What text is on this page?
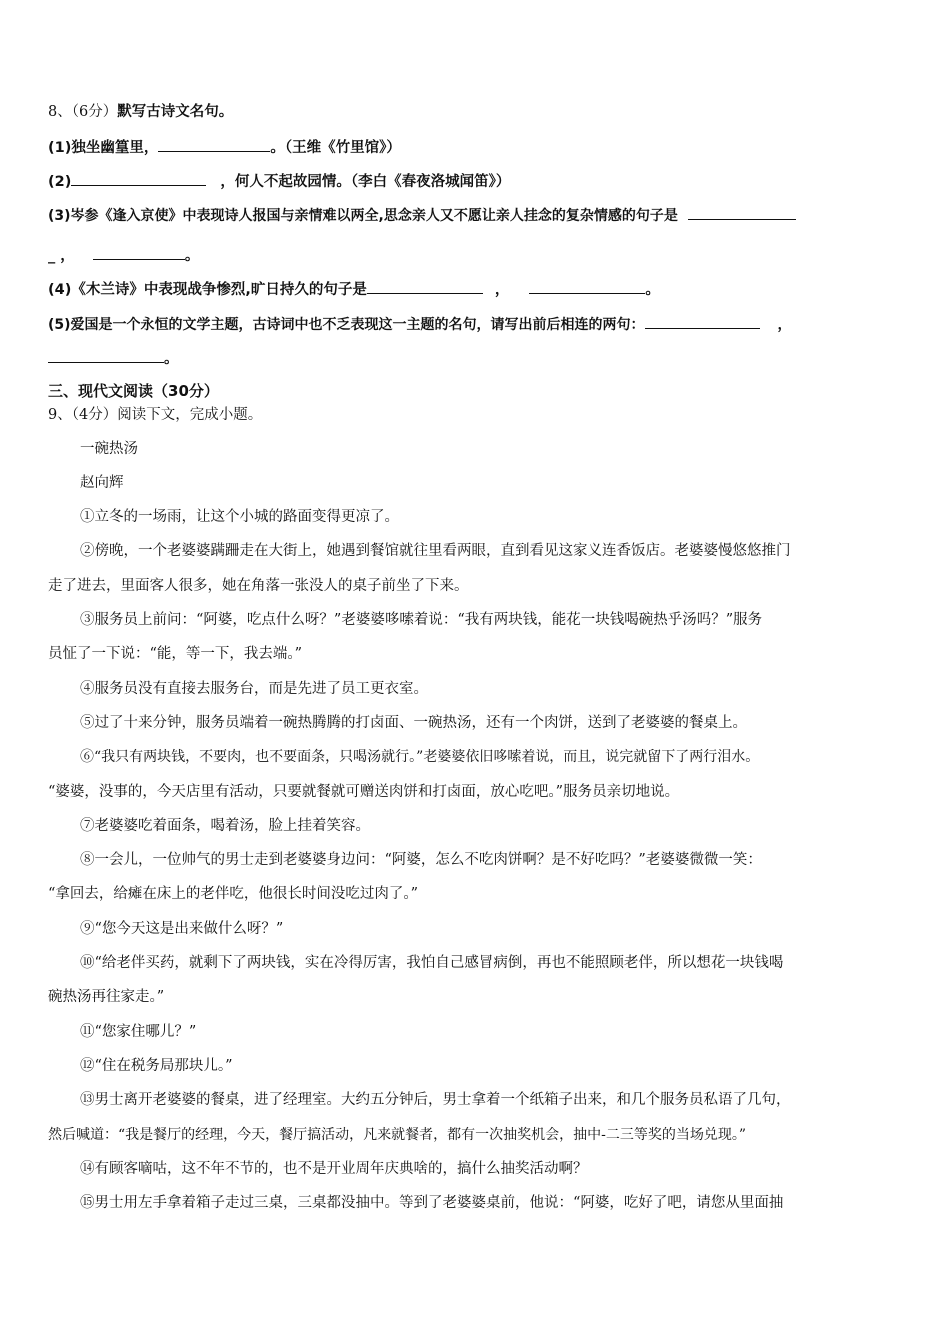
8、（6分）默写古诗文名句。
(1)独坐幽篁里，	。（王维《竹里馆》）
(2)	，何人不起故园情。（李白《春夜洛城闻笛》）
(3)岑参《逢入京使》中表现诗人报国与亲情难以两全,思念亲人又不愿让亲人挂念的复杂情感的句子是
_ ，	。
(4)《木兰诗》中表现战争惨烈,旷日持久的句子是	，	。
(5)爱国是一个永恒的文学主题，古诗词中也不乏表现这一主题的名句，请写出前后相连的两句：	，
。
三、现代文阅读（30分）
9、（4分）阅读下文，完成小题。
一碗热汤
赵向辉
①立冬的一场雨，让这个小城的路面变得更凉了。
②傍晚，一个老婆婆蹒跚走在大街上，她遇到餐馆就往里看两眼，直到看见这家义连香饭店。老婆婆慢悠悠推门
走了进去，里面客人很多，她在角落一张没人的桌子前坐了下来。
③服务员上前问：“阿婆，吃点什么呀？”老婆婆哆嗦着说：“我有两块钱，能花一块钱喝碗热乎汤吗？”服务
员怔了一下说：“能，等一下，我去端。”
④服务员没有直接去服务台，而是先进了员工更衣室。
⑤过了十来分钟，服务员端着一碗热腾腾的打卤面、一碗热汤，还有一个肉饼，送到了老婆婆的餐桌上。
⑥“我只有两块钱，不要肉，也不要面条，只喝汤就行。”老婆婆依旧哆嗦着说，而且，说完就留下了两行泪水。
“婆婆，没事的，今天店里有活动，只要就餐就可赠送肉饼和打卤面，放心吃吧。”服务员亲切地说。
⑦老婆婆吃着面条，喝着汤，脸上挂着笑容。
⑧一会儿，一位帅气的男士走到老婆婆身边问：“阿婆，怎么不吃肉饼啊？是不好吃吗？”老婆婆微微一笑：
“拿回去，给瘫在床上的老伴吃，他很长时间没吃过肉了。”
⑨“您今天这是出来做什么呀？”
⑩“给老伴买药，就剩下了两块钱，实在冷得厉害，我怕自己感冒病倒，再也不能照顾老伴，所以想花一块钱喝
碗热汤再往家走。”
⑪“您家住哪儿？”
⑫“住在税务局那块儿。”
⑬男士离开老婆婆的餐桌，进了经理室。大约五分钟后，男士拿着一个纸箱子出来，和几个服务员私语了几句，
然后喊道：“我是餐厅的经理，今天，餐厅搞活动，凡来就餐者，都有一次抽奖机会，抽中-二三等奖的当场兑现。”
⑭有顾客嘀咕，这不年不节的，也不是开业周年庆典啥的，搞什么抽奖活动啊？
⑮男士用左手拿着箱子走过三桌，三桌都没抽中。等到了老婆婆桌前，他说：“阿婆，吃好了吧，请您从里面抽
